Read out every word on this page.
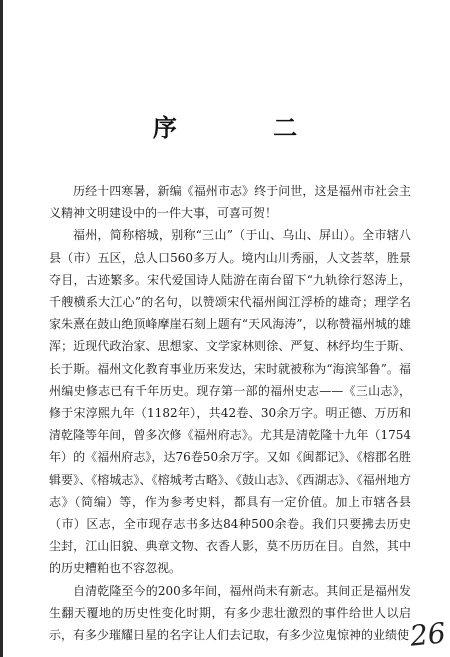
序 二

历经十四寒暑，新编《福州市志》终于问世，这是福州市社会主义精神文明建设中的一件大事，可喜可贺！

福州，简称榕城，别称“三山”（于山、乌山、屏山）。全市辖八县（市）五区，总人口560多万人。境内山川秀丽，人文荟萃，胜景夺目，古迹繁多。宋代爱国诗人陆游在南台留下“九轨徐行怒涛上，千艘横系大江心”的名句，以赞颂宋代福州闽江浮桥的雄奇；理学名家朱熹在鼓山绝顶峰摩崖石刻上题有“天风海涛”，以称赞福州城的雄浑；近现代政治家、思想家、文学家林则徐、严复、林纾均生于斯、长于斯。福州文化教育事业历来发达，宋时就被称为“海滨邹鲁”。福州编史修志已有千年历史。现存第一部的福州史志——《三山志》，修于宋淳熙九年（1182年），共42卷、30余万字。明正德、万历和清乾隆等年间，曾多次修《福州府志》。尤其是清乾隆十九年（1754年）的《福州府志》，达76卷50余万字。又如《闽都记》、《榕郡名胜辑要》、《榕城志》、《榕城考古略》、《鼓山志》、《西湖志》、《福州地方志》（简编）等，作为参考史料，都具有一定价值。加上市辖各县（市）区志，全市现存志书多达84种500余卷。我们只要拂去历史尘封，江山旧貌、典章文物、衣香人影，莫不历历在目。自然，其中的历史糟粕也不容忽视。

自清乾隆至今的200多年间，福州尚未有新志。其间正是福州发生翻天覆地的历史性变化时期，有多少悲壮激烈的事件给世人以启示，有多少璀耀日星的名字让人们去记取，有多少泣鬼惊神的业绩使 26
